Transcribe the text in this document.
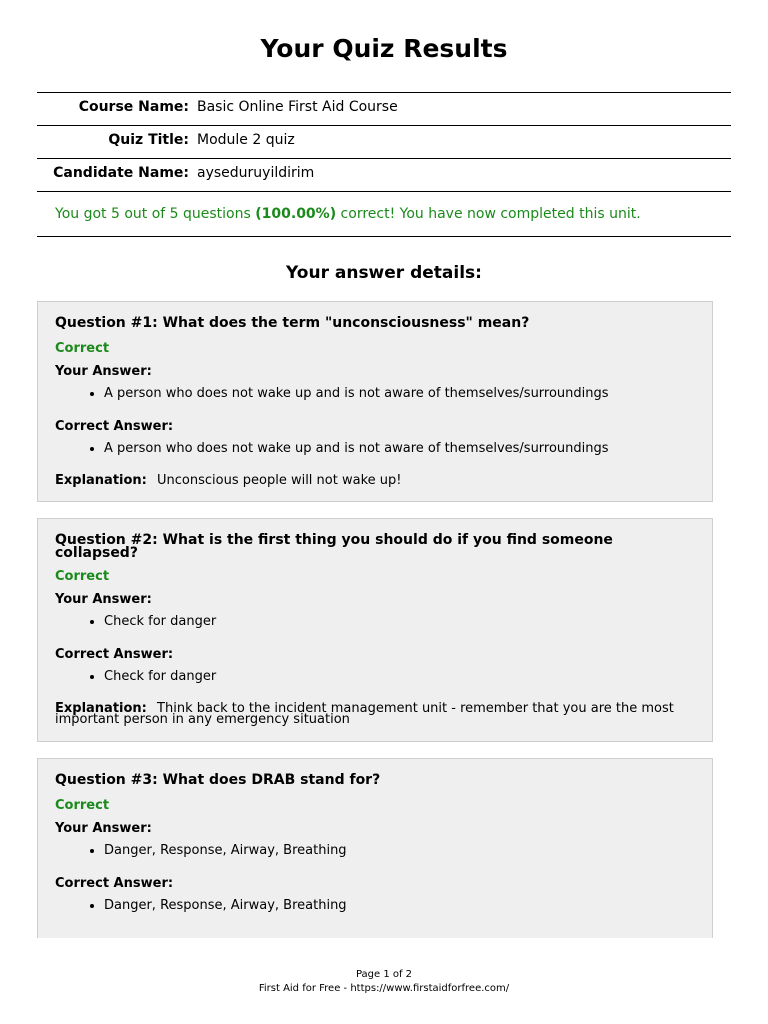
Your Quiz Results
Course Name: Basic Online First Aid Course
Quiz Title: Module 2 quiz
Candidate Name: ayseduruyildirim
You got 5 out of 5 questions (100.00%) correct! You have now completed this unit.
Your answer details:
Question #1: What does the term "unconsciousness" mean?
Correct
Your Answer:
• A person who does not wake up and is not aware of themselves/surroundings
Correct Answer:
• A person who does not wake up and is not aware of themselves/surroundings
Explanation: Unconscious people will not wake up!
Question #2: What is the first thing you should do if you find someone collapsed?
Correct
Your Answer:
• Check for danger
Correct Answer:
• Check for danger
Explanation: Think back to the incident management unit - remember that you are the most important person in any emergency situation
Question #3: What does DRAB stand for?
Correct
Your Answer:
• Danger, Response, Airway, Breathing
Correct Answer:
• Danger, Response, Airway, Breathing
Page 1 of 2
First Aid for Free - https://www.firstaidforfree.com/
